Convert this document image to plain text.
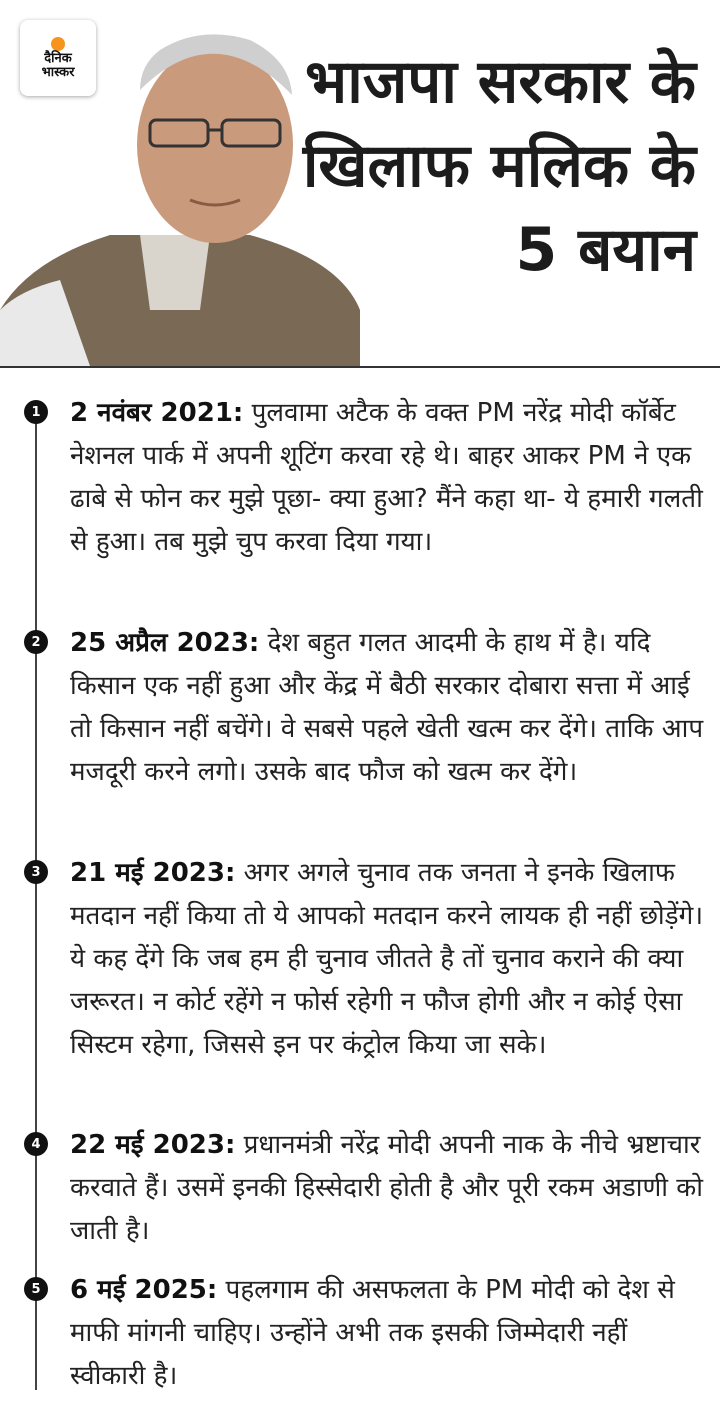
दैनिक
भास्कर	भाजपा सरकार के खिलाफ मलिक के 5 बयान
1 2 नवंबर 2021: पुलवामा अटैक के वक्त PM नरेंद्र मोदी कॉर्बेट नेशनल पार्क में अपनी शूटिंग करवा रहे थे। बाहर आकर PM ने एक ढाबे से फोन कर मुझे पूछा- क्या हुआ? मैंने कहा था- ये हमारी गलती से हुआ। तब मुझे चुप करवा दिया गया।
2 25 अप्रैल 2023: देश बहुत गलत आदमी के हाथ में है। यदि किसान एक नहीं हुआ और केंद्र में बैठी सरकार दोबारा सत्ता में आई तो किसान नहीं बचेंगे। वे सबसे पहले खेती खत्म कर देंगे। ताकि आप मजदूरी करने लगो। उसके बाद फौज को खत्म कर देंगे।
3 21 मई 2023: अगर अगले चुनाव तक जनता ने इनके खिलाफ मतदान नहीं किया तो ये आपको मतदान करने लायक ही नहीं छोड़ेंगे। ये कह देंगे कि जब हम ही चुनाव जीतते है तों चुनाव कराने की क्या जरूरत। न कोर्ट रहेंगे न फोर्स रहेगी न फौज होगी और न कोई ऐसा सिस्टम रहेगा, जिससे इन पर कंट्रोल किया जा सके।
4 22 मई 2023: प्रधानमंत्री नरेंद्र मोदी अपनी नाक के नीचे भ्रष्टाचार करवाते हैं। उसमें इनकी हिस्सेदारी होती है और पूरी रकम अडाणी को जाती है।
5 6 मई 2025: पहलगाम की असफलता के PM मोदी को देश से माफी मांगनी चाहिए। उन्होंने अभी तक इसकी जिम्मेदारी नहीं स्वीकारी है।
